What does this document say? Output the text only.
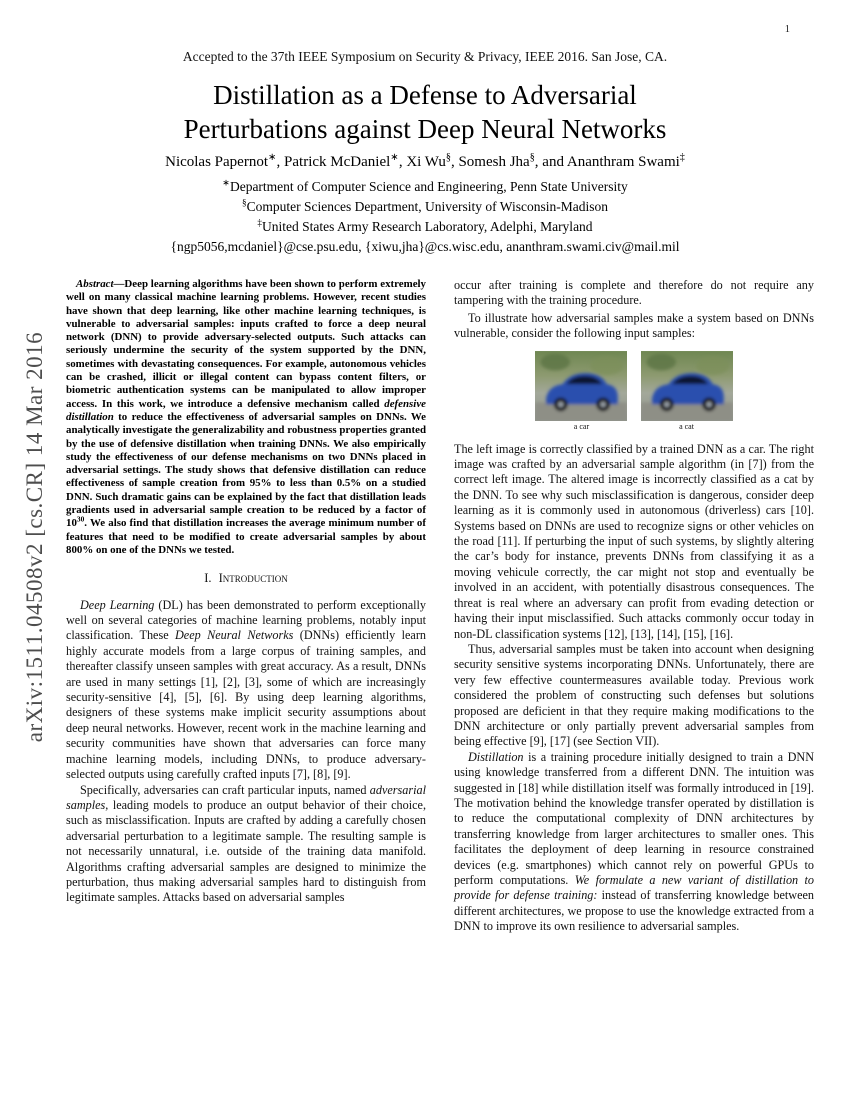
1
Accepted to the 37th IEEE Symposium on Security & Privacy, IEEE 2016. San Jose, CA.
Distillation as a Defense to Adversarial
Perturbations against Deep Neural Networks
Nicolas Papernot∗, Patrick McDaniel∗, Xi Wu§, Somesh Jha§, and Ananthram Swami‡
∗Department of Computer Science and Engineering, Penn State University
§Computer Sciences Department, University of Wisconsin-Madison
‡United States Army Research Laboratory, Adelphi, Maryland
{ngp5056,mcdaniel}@cse.psu.edu, {xiwu,jha}@cs.wisc.edu, ananthram.swami.civ@mail.mil
arXiv:1511.04508v2 [cs.CR] 14 Mar 2016

Abstract—Deep learning algorithms have been shown to perform extremely well on many classical machine learning problems. However, recent studies have shown that deep learning, like other machine learning techniques, is vulnerable to adversarial samples: inputs crafted to force a deep neural network (DNN) to provide adversary-selected outputs. Such attacks can seriously undermine the security of the system supported by the DNN, sometimes with devastating consequences. For example, autonomous vehicles can be crashed, illicit or illegal content can bypass content filters, or biometric authentication systems can be manipulated to allow improper access. In this work, we introduce a defensive mechanism called defensive distillation to reduce the effectiveness of adversarial samples on DNNs. We analytically investigate the generalizability and robustness properties granted by the use of defensive distillation when training DNNs. We also empirically study the effectiveness of our defense mechanisms on two DNNs placed in adversarial settings. The study shows that defensive distillation can reduce effectiveness of sample creation from 95% to less than 0.5% on a studied DNN. Such dramatic gains can be explained by the fact that distillation leads gradients used in adversarial sample creation to be reduced by a factor of $10^{30}$. We also find that distillation increases the average minimum number of features that need to be modified to create adversarial samples by about 800% on one of the DNNs we tested.

I. Introduction

Deep Learning (DL) has been demonstrated to perform exceptionally well on several categories of machine learning problems, notably input classification. These Deep Neural Networks (DNNs) efficiently learn highly accurate models from a large corpus of training samples, and thereafter classify unseen samples with great accuracy. As a result, DNNs are used in many settings [1], [2], [3], some of which are increasingly security-sensitive [4], [5], [6]. By using deep learning algorithms, designers of these systems make implicit security assumptions about deep neural networks. However, recent work in the machine learning and security communities have shown that adversaries can force many machine learning models, including DNNs, to produce adversary-selected outputs using carefully crafted inputs [7], [8], [9].

Specifically, adversaries can craft particular inputs, named adversarial samples, leading models to produce an output behavior of their choice, such as misclassification. Inputs are crafted by adding a carefully chosen adversarial perturbation to a legitimate sample. The resulting sample is not necessarily unnatural, i.e. outside of the training data manifold. Algorithms crafting adversarial samples are designed to minimize the perturbation, thus making adversarial samples hard to distinguish from legitimate samples. Attacks based on adversarial samples

occur after training is complete and therefore do not require any tampering with the training procedure.

To illustrate how adversarial samples make a system based on DNNs vulnerable, consider the following input samples:

a car
	a cat

The left image is correctly classified by a trained DNN as a car. The right image was crafted by an adversarial sample algorithm (in [7]) from the correct left image. The altered image is incorrectly classified as a cat by the DNN. To see why such misclassification is dangerous, consider deep learning as it is commonly used in autonomous (driverless) cars [10]. Systems based on DNNs are used to recognize signs or other vehicles on the road [11]. If perturbing the input of such systems, by slightly altering the car’s body for instance, prevents DNNs from classifying it as a moving vehicule correctly, the car might not stop and eventually be involved in an accident, with potentially disastrous consequences. The threat is real where an adversary can profit from evading detection or having their input misclassified. Such attacks commonly occur today in non-DL classification systems [12], [13], [14], [15], [16].

Thus, adversarial samples must be taken into account when designing security sensitive systems incorporating DNNs. Unfortunately, there are very few effective countermeasures available today. Previous work considered the problem of constructing such defenses but solutions proposed are deficient in that they require making modifications to the DNN architecture or only partially prevent adversarial samples from being effective [9], [17] (see Section VII).

Distillation is a training procedure initially designed to train a DNN using knowledge transferred from a different DNN. The intuition was suggested in [18] while distillation itself was formally introduced in [19]. The motivation behind the knowledge transfer operated by distillation is to reduce the computational complexity of DNN architectures by transferring knowledge from larger architectures to smaller ones. This facilitates the deployment of deep learning in resource constrained devices (e.g. smartphones) which cannot rely on powerful GPUs to perform computations. We formulate a new variant of distillation to provide for defense training: instead of transferring knowledge between different architectures, we propose to use the knowledge extracted from a DNN to improve its own resilience to adversarial samples.
